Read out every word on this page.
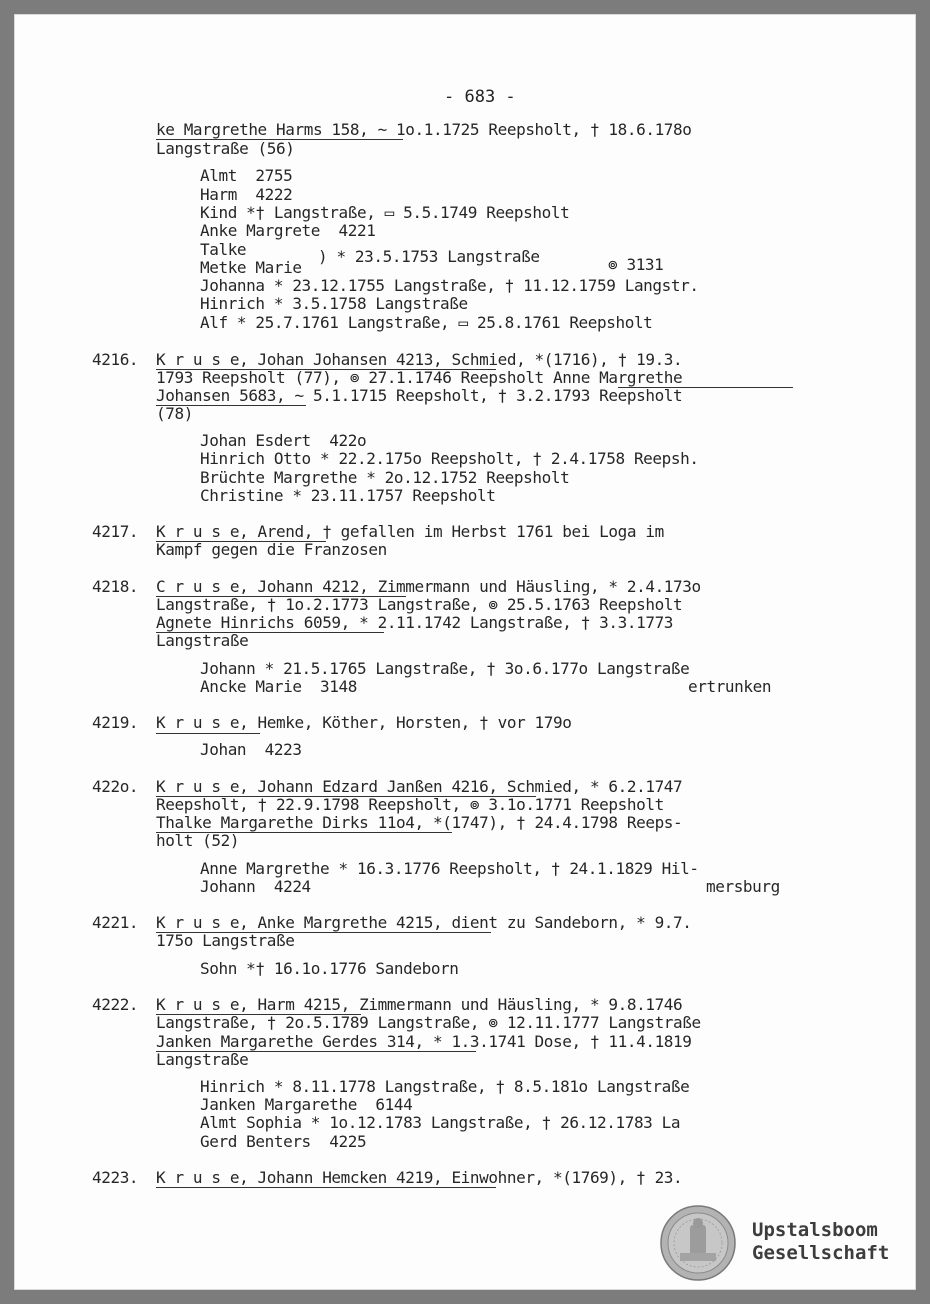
- 683 -
ke Margrethe Harms 158, ~ 1o.1.1725 Reepsholt, † 18.6.178o
Langstraße (56)
Almt  2755
Harm  4222
Kind *† Langstraße, ▭ 5.5.1749 Reepsholt
Anke Margrete  4221
Talke	) * 23.5.1753 Langstraße	⊚ 3131
Metke Marie
Johanna * 23.12.1755 Langstraße, † 11.12.1759 Langstr.
Hinrich * 3.5.1758 Langstraße
Alf * 25.7.1761 Langstraße, ▭ 25.8.1761 Reepsholt
4216. K r u s e, Johan Johansen 4213, Schmied, *(1716), † 19.3.
1793 Reepsholt (77), ⊚ 27.1.1746 Reepsholt Anne Margrethe
Johansen 5683, ~ 5.1.1715 Reepsholt, † 3.2.1793 Reepsholt
(78)
Johan Esdert  422o
Hinrich Otto * 22.2.175o Reepsholt, † 2.4.1758 Reepsh.
Brüchte Margrethe * 2o.12.1752 Reepsholt
Christine * 23.11.1757 Reepsholt
4217. K r u s e, Arend, † gefallen im Herbst 1761 bei Loga im
Kampf gegen die Franzosen
4218. C r u s e, Johann 4212, Zimmermann und Häusling, * 2.4.173o
Langstraße, † 1o.2.1773 Langstraße, ⊚ 25.5.1763 Reepsholt
Agnete Hinrichs 6059, * 2.11.1742 Langstraße, † 3.3.1773
Langstraße
Johann * 21.5.1765 Langstraße, † 3o.6.177o Langstraße
Ancke Marie  3148	ertrunken
4219. K r u s e, Hemke, Köther, Horsten, † vor 179o
Johan  4223
422o. K r u s e, Johann Edzard Janßen 4216, Schmied, * 6.2.1747
Reepsholt, † 22.9.1798 Reepsholt, ⊚ 3.1o.1771 Reepsholt
Thalke Margarethe Dirks 11o4, *(1747), † 24.4.1798 Reeps-
holt (52)
Anne Margrethe * 16.3.1776 Reepsholt, † 24.1.1829 Hil-
Johann  4224	mersburg
4221. K r u s e, Anke Margrethe 4215, dient zu Sandeborn, * 9.7.
175o Langstraße
Sohn *† 16.1o.1776 Sandeborn
4222. K r u s e, Harm 4215, Zimmermann und Häusling, * 9.8.1746
Langstraße, † 2o.5.1789 Langstraße, ⊚ 12.11.1777 Langstraße
Janken Margarethe Gerdes 314, * 1.3.1741 Dose, † 11.4.1819
Langstraße
Hinrich * 8.11.1778 Langstraße, † 8.5.181o Langstraße
Janken Margarethe  6144
Almt Sophia * 1o.12.1783 Langstraße, † 26.12.1783 La
Gerd Benters  4225
4223. K r u s e, Johann Hemcken 4219, Einwohner, *(1769), † 23.
Upstalsboom
Gesellschaft
